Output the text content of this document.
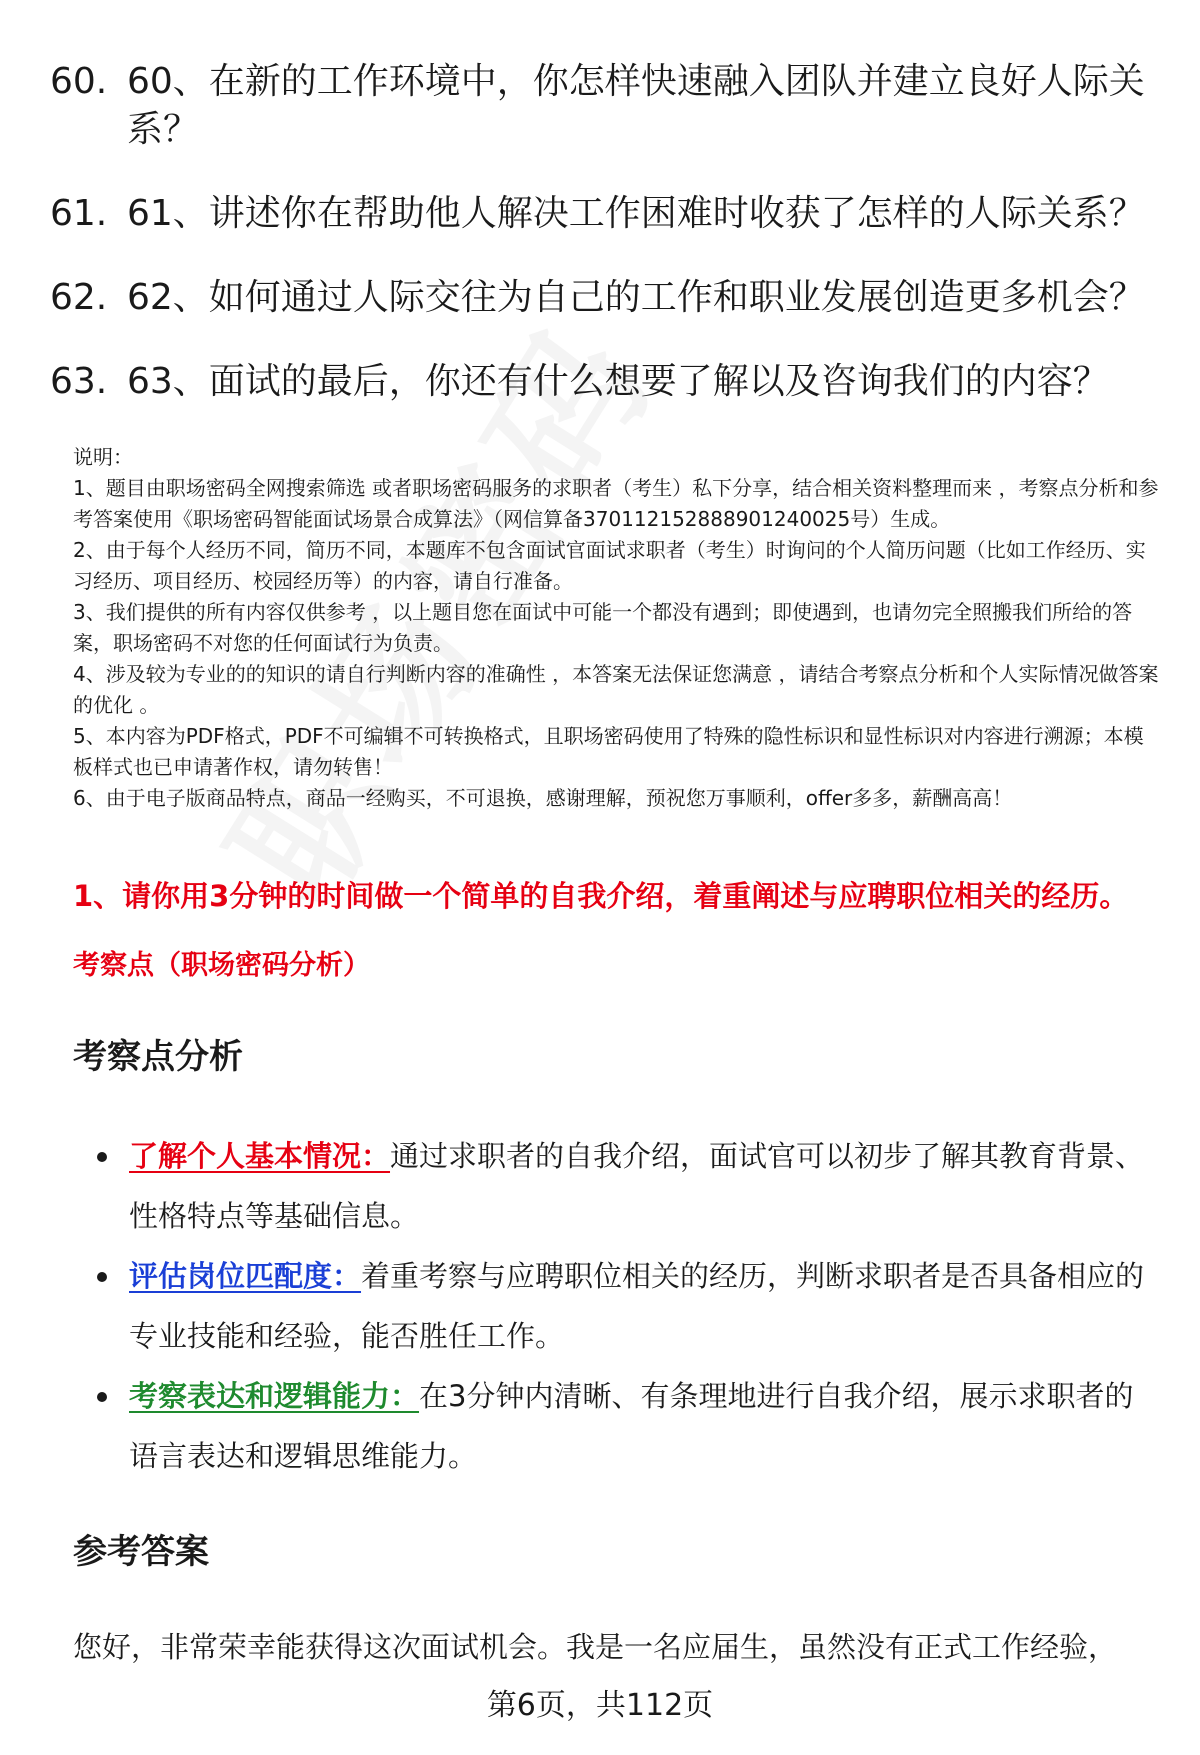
60. 60、在新的工作环境中，你怎样快速融入团队并建立良好人际关系？
61. 61、讲述你在帮助他人解决工作困难时收获了怎样的人际关系？
62. 62、如何通过人际交往为自己的工作和职业发展创造更多机会？
63. 63、面试的最后，你还有什么想要了解以及咨询我们的内容？

说明：

1、题目由职场密码全网搜索筛选 或者职场密码服务的求职者（考生）私下分享，结合相关资料整理而来 ，考察点分析和参考答案使用《职场密码智能面试场景合成算法》（网信算备370112152888901240025号）生成。

2、由于每个人经历不同，简历不同，本题库不包含面试官面试求职者（考生）时询问的个人简历问题（比如工作经历、实习经历、项目经历、校园经历等）的内容，请自行准备。

3、我们提供的所有内容仅供参考 ，以上题目您在面试中可能一个都没有遇到；即使遇到，也请勿完全照搬我们所给的答案，职场密码不对您的任何面试行为负责。

4、涉及较为专业的的知识的请自行判断内容的准确性 ，本答案无法保证您满意 ，请结合考察点分析和个人实际情况做答案的优化 。

5、本内容为PDF格式，PDF不可编辑不可转换格式，且职场密码使用了特殊的隐性标识和显性标识对内容进行溯源；本模板样式也已申请著作权，请勿转售！

6、由于电子版商品特点，商品一经购买，不可退换，感谢理解，预祝您万事顺利，offer多多，薪酬高高！

1、请你用3分钟的时间做一个简单的自我介绍，着重阐述与应聘职位相关的经历。
考察点（职场密码分析）
考察点分析
了解个人基本情况：通过求职者的自我介绍，面试官可以初步了解其教育背景、性格特点等基础信息。
评估岗位匹配度：着重考察与应聘职位相关的经历，判断求职者是否具备相应的专业技能和经验，能否胜任工作。
考察表达和逻辑能力：在3分钟内清晰、有条理地进行自我介绍，展示求职者的语言表达和逻辑思维能力。
参考答案
您好，非常荣幸能获得这次面试机会。我是一名应届生，虽然没有正式工作经验，
第6页，共112页
